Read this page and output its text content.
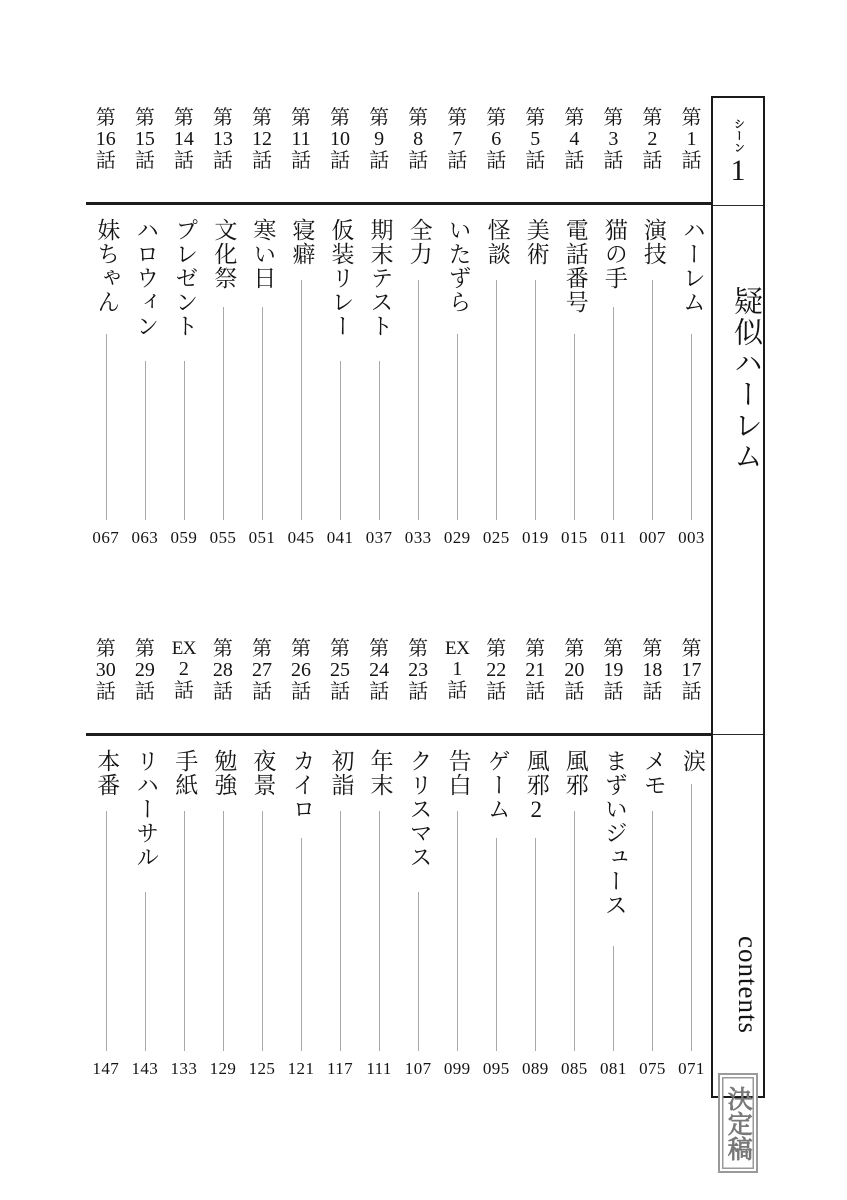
シーン
1
疑似ハーレム
contents
決定稿
第
1
話
ハーレム
003
第
2
話
演技
007
第
3
話
猫の手
011
第
4
話
電話番号
015
第
5
話
美術
019
第
6
話
怪談
025
第
7
話
いたずら
029
第
8
話
全力
033
第
9
話
期末テスト
037
第
10
話
仮装リレー
041
第
11
話
寝癖
045
第
12
話
寒い日
051
第
13
話
文化祭
055
第
14
話
プレゼント
059
第
15
話
ハロウィン
063
第
16
話
妹ちゃん
067
第
17
話
涙
071
第
18
話
メモ
075
第
19
話
まずいジュース
081
第
20
話
風邪
085
第
21
話
風邪2
089
第
22
話
ゲーム
095
EX
1
話
告白
099
第
23
話
クリスマス
107
第
24
話
年末
111
第
25
話
初詣
117
第
26
話
カイロ
121
第
27
話
夜景
125
第
28
話
勉強
129
EX
2
話
手紙
133
第
29
話
リハーサル
143
第
30
話
本番
147
